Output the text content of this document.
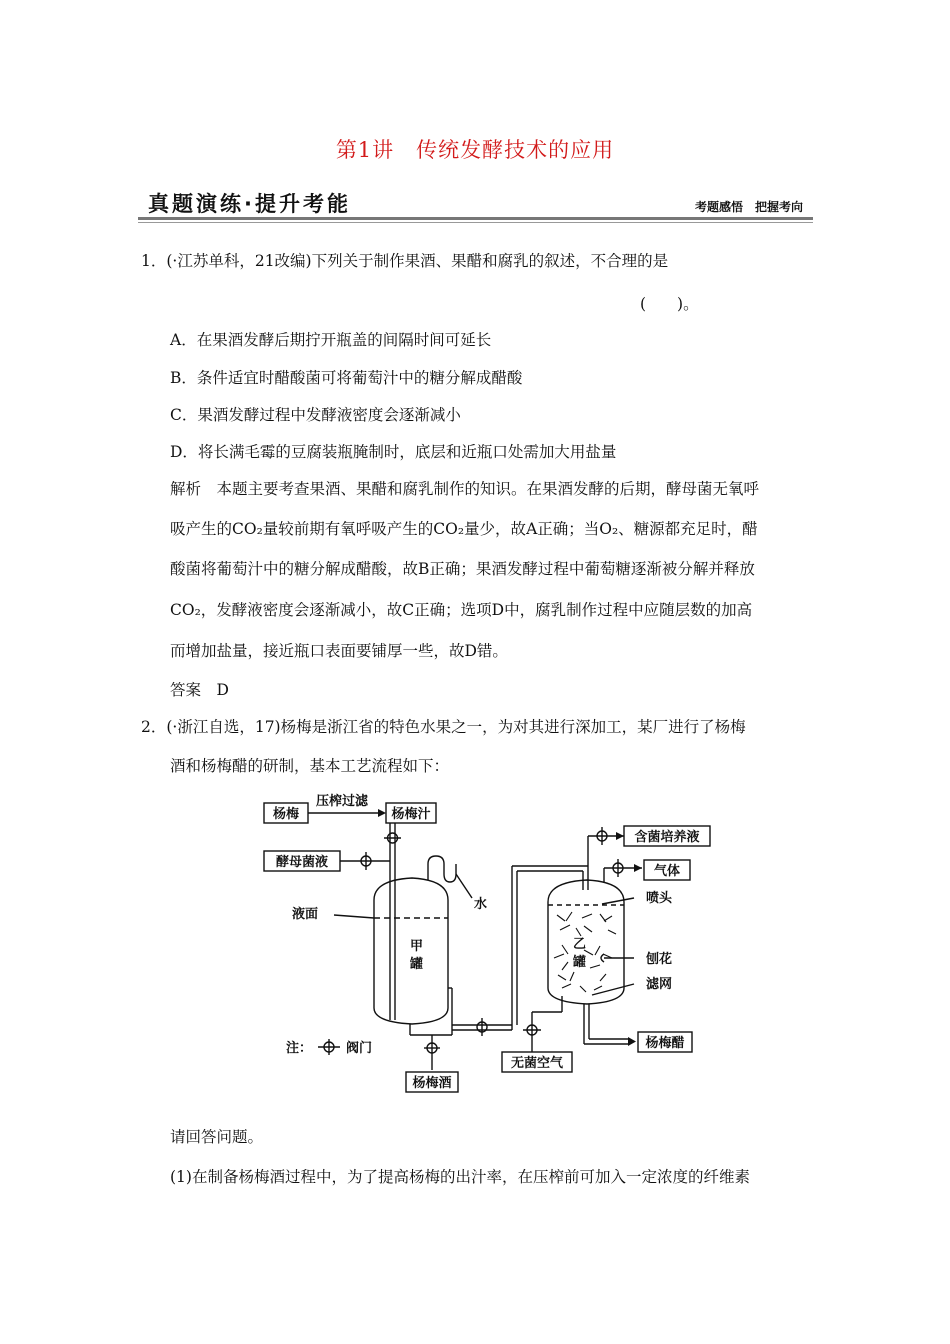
第1讲　传统发酵技术的应用
真题演练·提升考能	考题感悟　把握考向
1．(·江苏单科，21改编)下列关于制作果酒、果醋和腐乳的叙述，不合理的是
(　　)。
A．在果酒发酵后期拧开瓶盖的间隔时间可延长
B．条件适宜时醋酸菌可将葡萄汁中的糖分解成醋酸
C．果酒发酵过程中发酵液密度会逐渐减小
D．将长满毛霉的豆腐装瓶腌制时，底层和近瓶口处需加大用盐量
解析　本题主要考查果酒、果醋和腐乳制作的知识。在果酒发酵的后期，酵母菌无氧呼
吸产生的CO₂量较前期有氧呼吸产生的CO₂量少，故A正确；当O₂、糖源都充足时，醋
酸菌将葡萄汁中的糖分解成醋酸，故B正确；果酒发酵过程中葡萄糖逐渐被分解并释放
CO₂，发酵液密度会逐渐减小，故C正确；选项D中，腐乳制作过程中应随层数的加高
而增加盐量，接近瓶口表面要铺厚一些，故D错。
答案　D
2．(·浙江自选，17)杨梅是浙江省的特色水果之一，为对其进行深加工，某厂进行了杨梅
酒和杨梅醋的研制，基本工艺流程如下：
杨梅
压榨过滤
杨梅汁
酵母菌液
液面
甲
罐
水
杨梅酒
含菌培养液
气体
喷头
乙
罐	刨花
滤网
无菌空气
杨梅醋
注：	阀门
请回答问题。
(1)在制备杨梅酒过程中，为了提高杨梅的出汁率，在压榨前可加入一定浓度的纤维素
